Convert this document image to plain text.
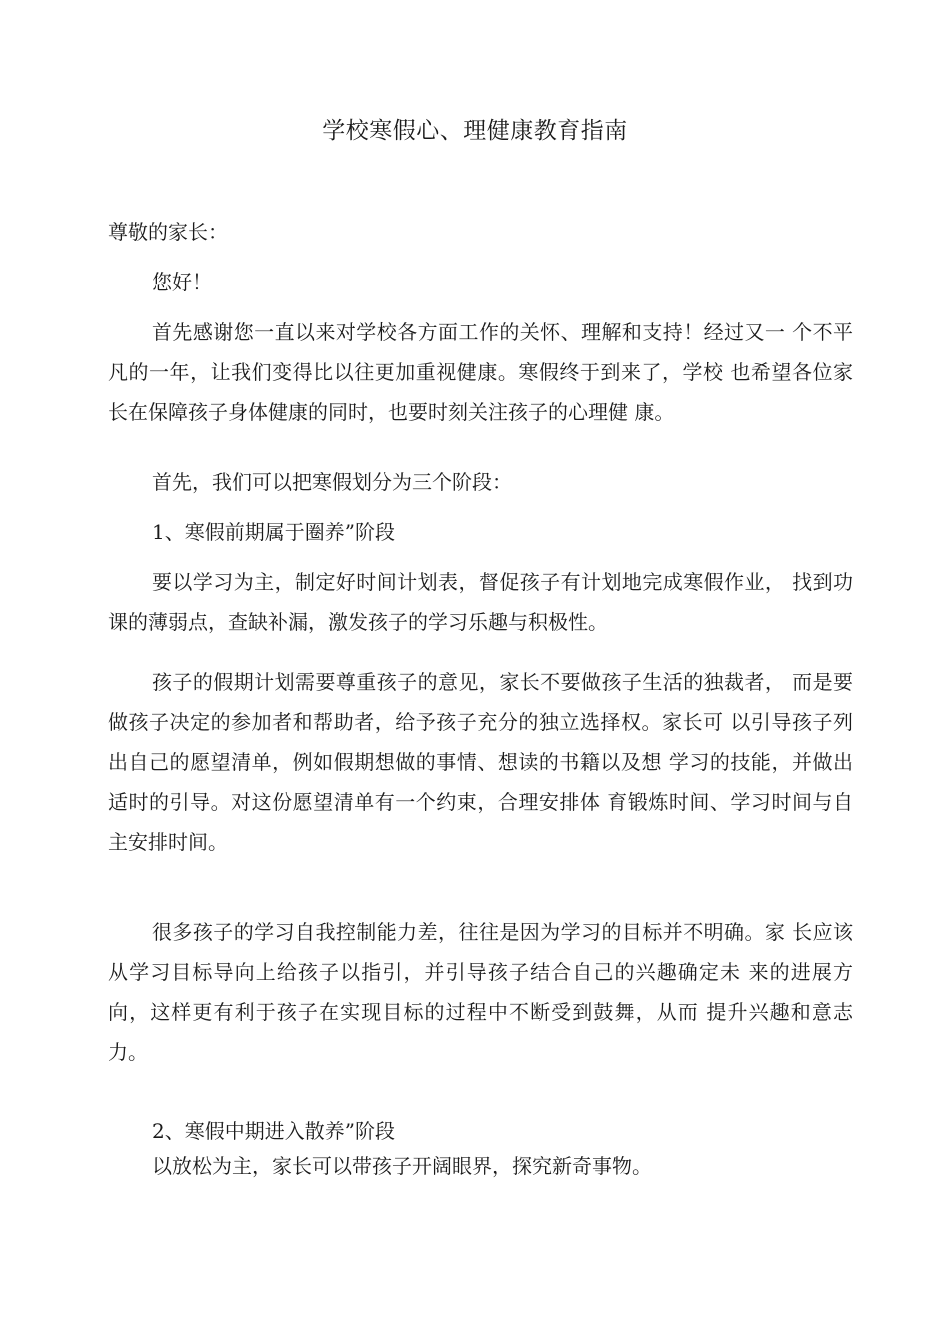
学校寒假心、理健康教育指南
尊敬的家长：
您好！
首先感谢您一直以来对学校各方面工作的关怀、理解和支持！经过又一 个不平凡的一年，让我们变得比以往更加重视健康。寒假终于到来了，学校 也希望各位家长在保障孩子身体健康的同时，也要时刻关注孩子的心理健 康。
首先，我们可以把寒假划分为三个阶段：
1、寒假前期属于圈养”阶段
要以学习为主，制定好时间计划表，督促孩子有计划地完成寒假作业， 找到功课的薄弱点，查缺补漏，激发孩子的学习乐趣与积极性。
孩子的假期计划需要尊重孩子的意见，家长不要做孩子生活的独裁者， 而是要做孩子决定的参加者和帮助者，给予孩子充分的独立选择权。家长可 以引导孩子列出自己的愿望清单，例如假期想做的事情、想读的书籍以及想 学习的技能，并做出适时的引导。对这份愿望清单有一个约束，合理安排体 育锻炼时间、学习时间与自主安排时间。
很多孩子的学习自我控制能力差，往往是因为学习的目标并不明确。家 长应该从学习目标导向上给孩子以指引，并引导孩子结合自己的兴趣确定未 来的进展方向，这样更有利于孩子在实现目标的过程中不断受到鼓舞，从而 提升兴趣和意志力。
2、寒假中期进入散养”阶段
以放松为主，家长可以带孩子开阔眼界，探究新奇事物。
